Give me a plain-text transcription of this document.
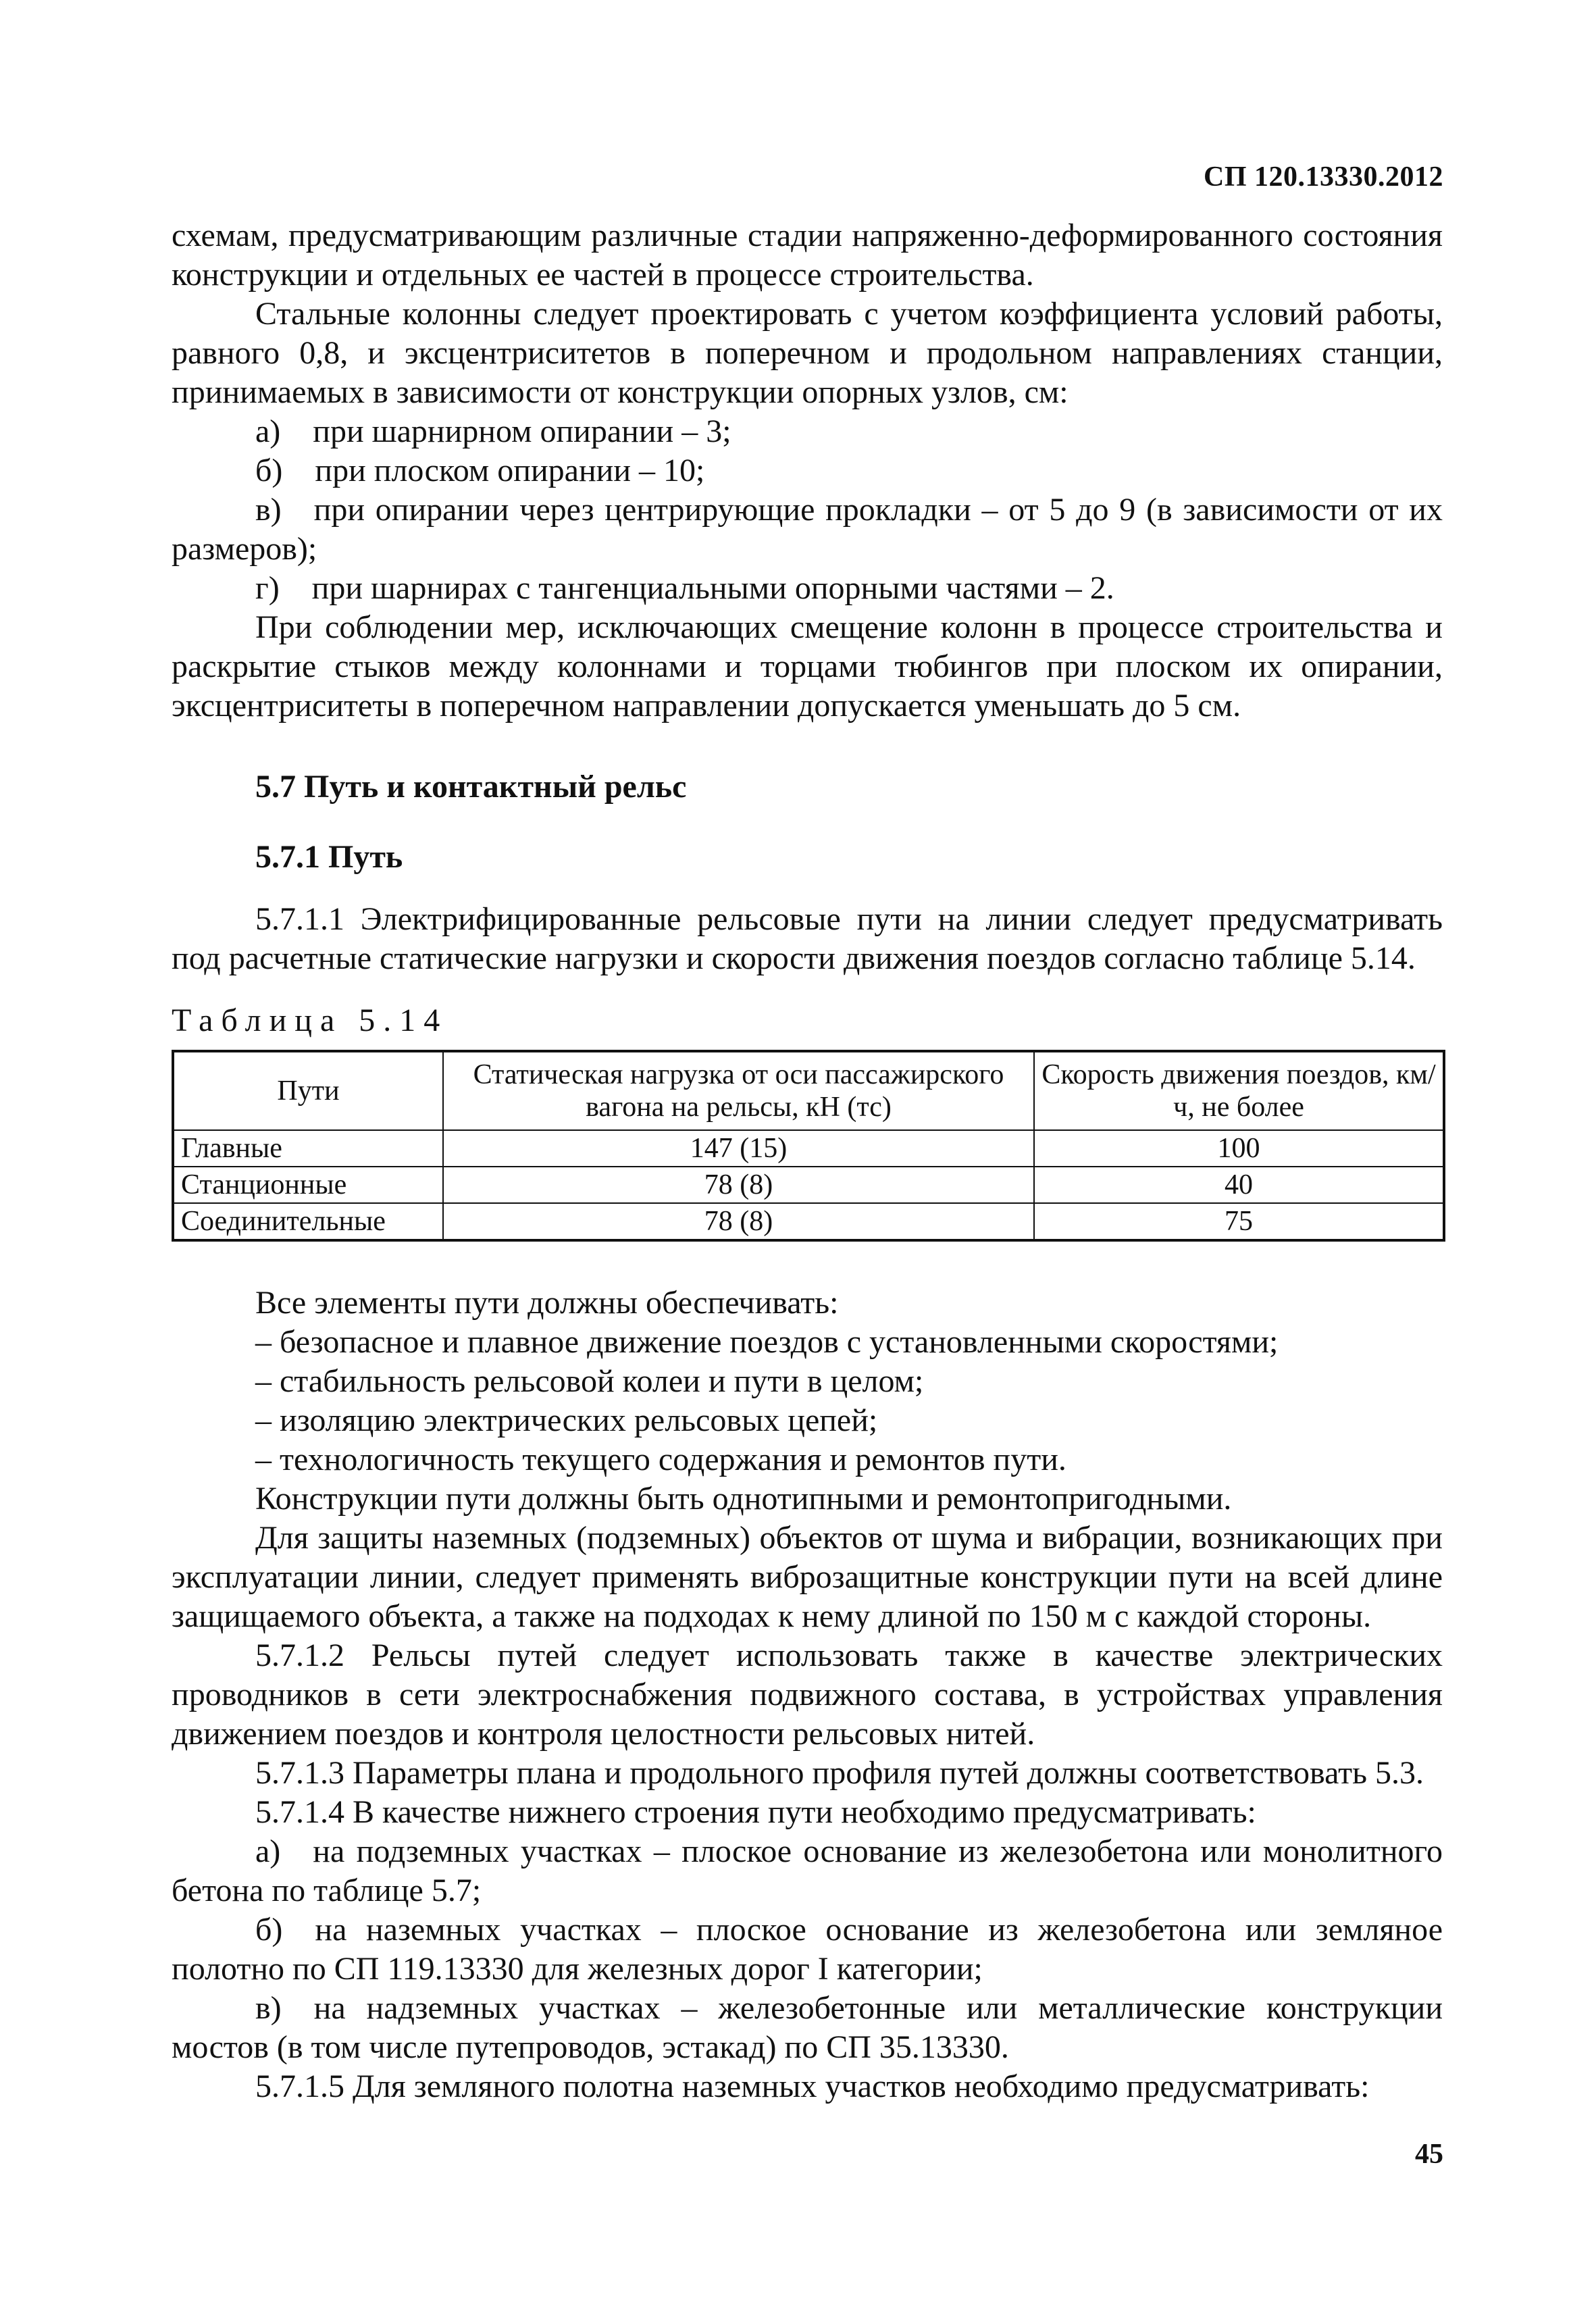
СП 120.13330.2012

схемам, предусматривающим различные стадии напряженно-деформированного состояния конструкции и отдельных ее частей в процессе строительства.

Стальные колонны следует проектировать с учетом коэффициента условий работы, равного 0,8, и эксцентриситетов в поперечном и продольном направлениях станции, принимаемых в зависимости от конструкции опорных узлов, см:

а) при шарнирном опирании – 3;

б) при плоском опирании – 10;

в) при опирании через центрирующие прокладки – от 5 до 9 (в зависимости от их размеров);

г) при шарнирах с тангенциальными опорными частями – 2.

При соблюдении мер, исключающих смещение колонн в процессе строительства и раскрытие стыков между колоннами и торцами тюбингов при плоском их опирании, эксцентриситеты в поперечном направлении допускается уменьшать до 5 см.

5.7 Путь и контактный рельс
5.7.1 Путь

5.7.1.1 Электрифицированные рельсовые пути на линии следует предусматривать под расчетные статические нагрузки и скорости движения поездов согласно таблице 5.14.

Таблица 5.14

Пути	Статическая нагрузка от оси пассажирского вагона на рельсы, кН (тс)	Скорость движения поездов, км/ч, не более
Главные	147 (15)	100
Станционные	78 (8)	40
Соединительные	78 (8)	75

Все элементы пути должны обеспечивать:

– безопасное и плавное движение поездов с установленными скоростями;

– стабильность рельсовой колеи и пути в целом;

– изоляцию электрических рельсовых цепей;

– технологичность текущего содержания и ремонтов пути.

Конструкции пути должны быть однотипными и ремонтопригодными.

Для защиты наземных (подземных) объектов от шума и вибрации, возникающих при эксплуатации линии, следует применять виброзащитные конструкции пути на всей длине защищаемого объекта, а также на подходах к нему длиной по 150 м с каждой стороны.

5.7.1.2 Рельсы путей следует использовать также в качестве электрических проводников в сети электроснабжения подвижного состава, в устройствах управления движением поездов и контроля целостности рельсовых нитей.

5.7.1.3 Параметры плана и продольного профиля путей должны соответствовать 5.3.

5.7.1.4 В качестве нижнего строения пути необходимо предусматривать:

а) на подземных участках – плоское основание из железобетона или монолитного бетона по таблице 5.7;

б) на наземных участках – плоское основание из железобетона или земляное полотно по СП 119.13330 для железных дорог I категории;

в) на надземных участках – железобетонные или металлические конструкции мостов (в том числе путепроводов, эстакад) по СП 35.13330.

5.7.1.5 Для земляного полотна наземных участков необходимо предусматривать:

45
